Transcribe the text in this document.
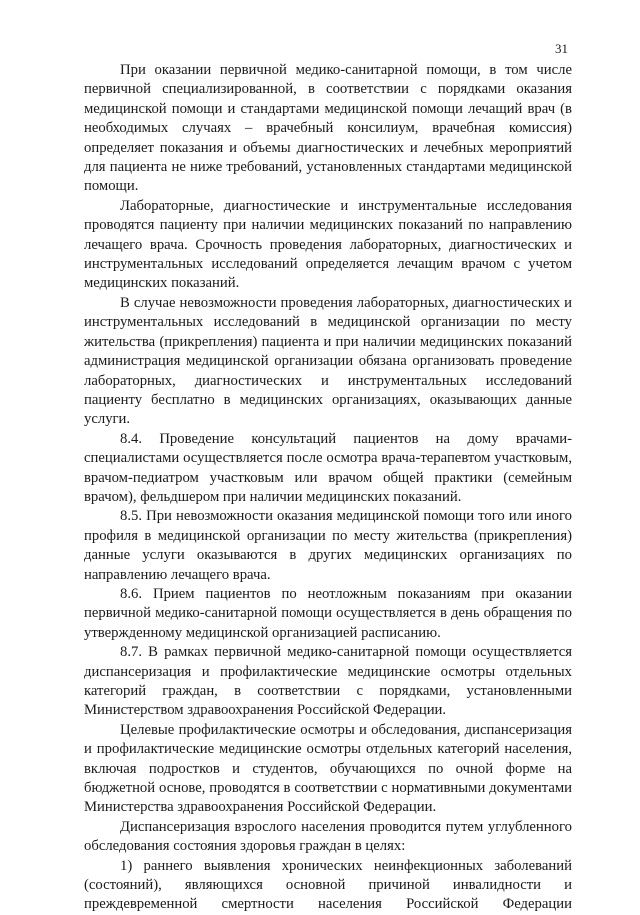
31

При оказании первичной медико-санитарной помощи, в том числе первичной специализированной, в соответствии с порядками оказания медицинской помощи и стандартами медицинской помощи лечащий врач (в необходимых случаях – врачебный консилиум, врачебная комиссия) определяет показания и объемы диагностических и лечебных мероприятий для пациента не ниже требований, установленных стандартами медицинской помощи.

Лабораторные, диагностические и инструментальные исследования проводятся пациенту при наличии медицинских показаний по направлению лечащего врача. Срочность проведения лабораторных, диагностических и инструментальных исследований определяется лечащим врачом с учетом медицинских показаний.

В случае невозможности проведения лабораторных, диагностических и инструментальных исследований в медицинской организации по месту жительства (прикрепления) пациента и при наличии медицинских показаний администрация медицинской организации обязана организовать проведение лабораторных, диагностических и инструментальных исследований пациенту бесплатно в медицинских организациях, оказывающих данные услуги.

8.4. Проведение консультаций пациентов на дому врачами-специалистами осуществляется после осмотра врача-терапевтом участковым, врачом-педиатром участковым или врачом общей практики (семейным врачом), фельдшером при наличии медицинских показаний.

8.5. При невозможности оказания медицинской помощи того или иного профиля в медицинской организации по месту жительства (прикрепления) данные услуги оказываются в других медицинских организациях по направлению лечащего врача.

8.6. Прием пациентов по неотложным показаниям при оказании первичной медико-санитарной помощи осуществляется в день обращения по утвержденному медицинской организацией расписанию.

8.7. В рамках первичной медико-санитарной помощи осуществляется диспансеризация и профилактические медицинские осмотры отдельных категорий граждан, в соответствии с порядками, установленными Министерством здравоохранения Российской Федерации.

Целевые профилактические осмотры и обследования, диспансеризация и профилактические медицинские осмотры отдельных категорий населения, включая подростков и студентов, обучающихся по очной форме на бюджетной основе, проводятся в соответствии с нормативными документами Министерства здравоохранения Российской Федерации.

Диспансеризация взрослого населения проводится путем углубленного обследования состояния здоровья граждан в целях:

1) раннего выявления хронических неинфекционных заболеваний (состояний), являющихся основной причиной инвалидности и преждевременной смертности населения Российской Федерации
